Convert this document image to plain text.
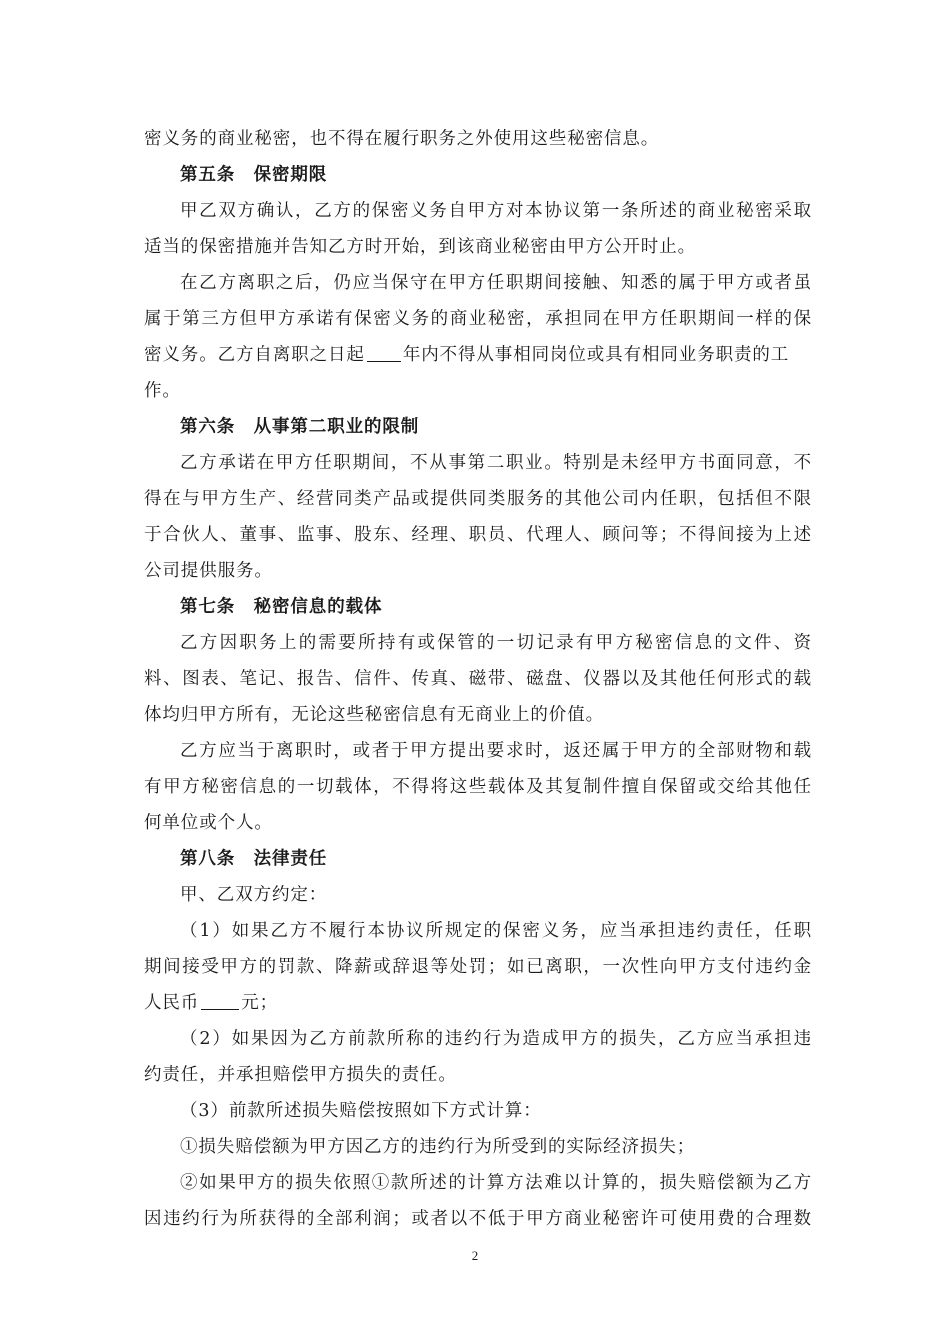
密义务的商业秘密，也不得在履行职务之外使用这些秘密信息。
第五条　保密期限
甲乙双方确认，乙方的保密义务自甲方对本协议第一条所述的商业秘密采取
适当的保密措施并告知乙方时开始，到该商业秘密由甲方公开时止。
在乙方离职之后，仍应当保守在甲方任职期间接触、知悉的属于甲方或者虽
属于第三方但甲方承诺有保密义务的商业秘密，承担同在甲方任职期间一样的保
密义务。乙方自离职之日起 年内不得从事相同岗位或具有相同业务职责的工
作。
第六条　从事第二职业的限制
乙方承诺在甲方任职期间，不从事第二职业。特别是未经甲方书面同意，不
得在与甲方生产、经营同类产品或提供同类服务的其他公司内任职，包括但不限
于合伙人、董事、监事、股东、经理、职员、代理人、顾问等；不得间接为上述
公司提供服务。
第七条　秘密信息的载体
乙方因职务上的需要所持有或保管的一切记录有甲方秘密信息的文件、资
料、图表、笔记、报告、信件、传真、磁带、磁盘、仪器以及其他任何形式的载
体均归甲方所有，无论这些秘密信息有无商业上的价值。
乙方应当于离职时，或者于甲方提出要求时，返还属于甲方的全部财物和载
有甲方秘密信息的一切载体，不得将这些载体及其复制件擅自保留或交给其他任
何单位或个人。
第八条　法律责任
甲、乙双方约定：
（1）如果乙方不履行本协议所规定的保密义务，应当承担违约责任，任职
期间接受甲方的罚款、降薪或辞退等处罚；如已离职，一次性向甲方支付违约金
人民币 元；
（2）如果因为乙方前款所称的违约行为造成甲方的损失，乙方应当承担违
约责任，并承担赔偿甲方损失的责任。
（3）前款所述损失赔偿按照如下方式计算：
①损失赔偿额为甲方因乙方的违约行为所受到的实际经济损失；
②如果甲方的损失依照①款所述的计算方法难以计算的，损失赔偿额为乙方
因违约行为所获得的全部利润；或者以不低于甲方商业秘密许可使用费的合理数
2
